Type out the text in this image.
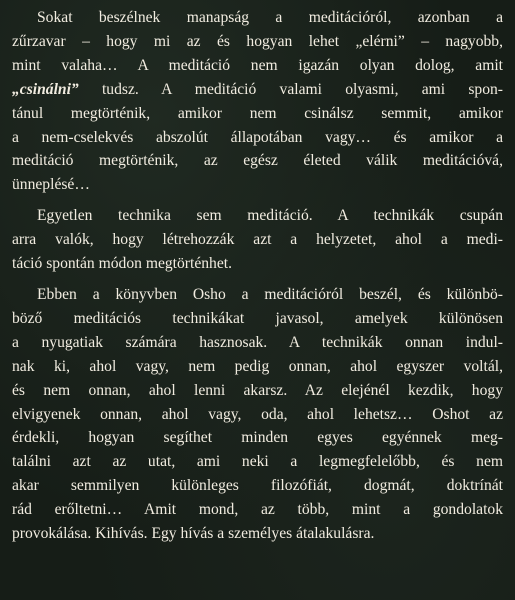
Sokat beszélnek manapság a meditációról, azonban a
zűrzavar – hogy mi az és hogyan lehet „elérni” – nagyobb,
mint valaha… A meditáció nem igazán olyan dolog, amit
„csinálni” tudsz. A meditáció valami olyasmi, ami spon-
tánul megtörténik, amikor nem csinálsz semmit, amikor
a nem-cselekvés abszolút állapotában vagy… és amikor a
meditáció megtörténik, az egész életed válik meditációvá,
ünneplésé…

Egyetlen technika sem meditáció. A technikák csupán
arra valók, hogy létrehozzák azt a helyzetet, ahol a medi-
táció spontán módon megtörténhet.

Ebben a könyvben Osho a meditációról beszél, és különbö-
böző meditációs technikákat javasol, amelyek különösen
a nyugatiak számára hasznosak. A technikák onnan indul-
nak ki, ahol vagy, nem pedig onnan, ahol egyszer voltál,
és nem onnan, ahol lenni akarsz. Az elejénél kezdik, hogy
elvigyenek onnan, ahol vagy, oda, ahol lehetsz… Oshot az
érdekli, hogyan segíthet minden egyes egyénnek meg-
találni azt az utat, ami neki a legmegfelelőbb, és nem
akar semmilyen különleges filozófiát, dogmát, doktrínát
rád erőltetni… Amit mond, az több, mint a gondolatok
provokálása. Kihívás. Egy hívás a személyes átalakulásra.
